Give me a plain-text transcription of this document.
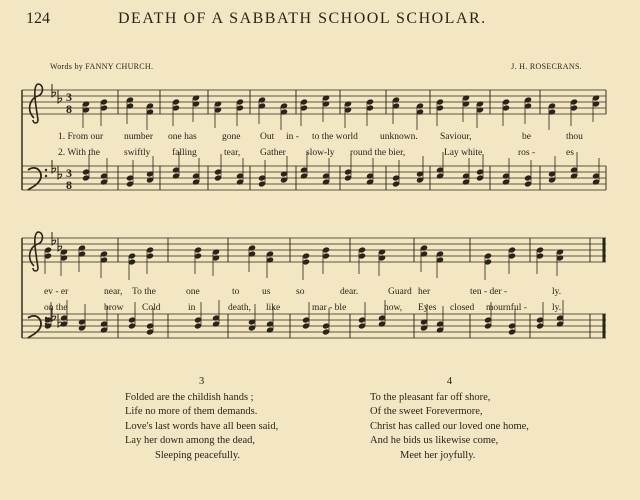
124	DEATH OF A SABBATH SCHOOL SCHOLAR.
Words by FANNY CHURCH.	J. H. ROSECRANS.
3
8
3
8
1. From our number one has	gone Out in - to the world unknown. Saviour,	be	thou
2. With the	swiftly falling	tear, Gather slow-ly round the bier,	Lay white	ros -	es
ev - er	near, To the	one	to us	so	dear.	Guard her	ten - der -	ly.
on the	brow Cold	in	death, like	mar - ble	now, Eyes closed mournful -	ly.
3
Folded are the childish hands ;
Life no more of them demands.
Love's last words have all been said,
Lay her down among the dead,
Sleeping peacefully.
4
To the pleasant far off shore,
Of the sweet Forevermore,
Christ has called our loved one home,
And he bids us likewise come,
Meet her joyfully.
